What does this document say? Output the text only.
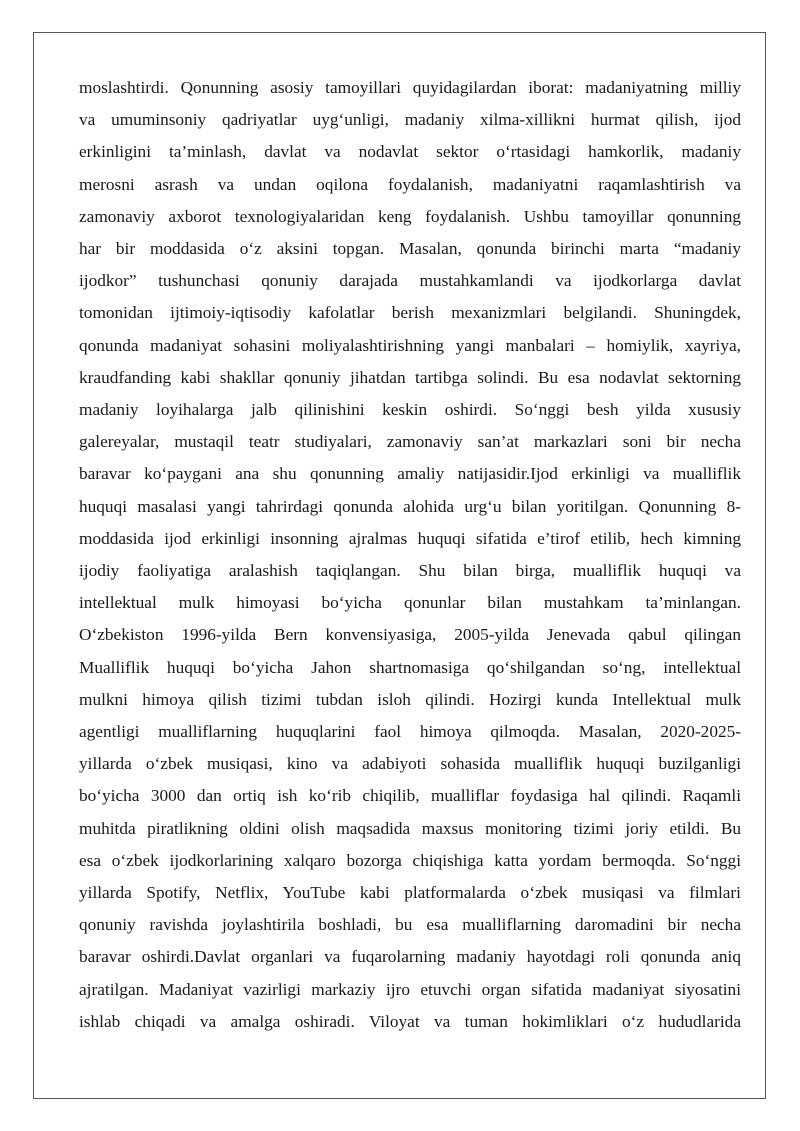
moslashtirdi. Qonunning asosiy tamoyillari quyidagilardan iborat: madaniyatning milliy
va umuminsoniy qadriyatlar uyg‘unligi, madaniy xilma-xillikni hurmat qilish, ijod
erkinligini ta’minlash, davlat va nodavlat sektor o‘rtasidagi hamkorlik, madaniy
merosni asrash va undan oqilona foydalanish, madaniyatni raqamlashtirish va
zamonaviy axborot texnologiyalaridan keng foydalanish. Ushbu tamoyillar qonunning
har bir moddasida o‘z aksini topgan. Masalan, qonunda birinchi marta “madaniy
ijodkor” tushunchasi qonuniy darajada mustahkamlandi va ijodkorlarga davlat
tomonidan ijtimoiy-iqtisodiy kafolatlar berish mexanizmlari belgilandi. Shuningdek,
qonunda madaniyat sohasini moliyalashtirishning yangi manbalari – homiylik, xayriya,
kraudfanding kabi shakllar qonuniy jihatdan tartibga solindi. Bu esa nodavlat sektorning
madaniy loyihalarga jalb qilinishini keskin oshirdi. So‘nggi besh yilda xususiy
galereyalar, mustaqil teatr studiyalari, zamonaviy san’at markazlari soni bir necha
baravar ko‘paygani ana shu qonunning amaliy natijasidir.Ijod erkinligi va mualliflik
huquqi masalasi yangi tahrirdagi qonunda alohida urg‘u bilan yoritilgan. Qonunning 8-
moddasida ijod erkinligi insonning ajralmas huquqi sifatida e’tirof etilib, hech kimning
ijodiy faoliyatiga aralashish taqiqlangan. Shu bilan birga, mualliflik huquqi va
intellektual mulk himoyasi bo‘yicha qonunlar bilan mustahkam ta’minlangan.
O‘zbekiston 1996-yilda Bern konvensiyasiga, 2005-yilda Jenevada qabul qilingan
Mualliflik huquqi bo‘yicha Jahon shartnomasiga qo‘shilgandan so‘ng, intellektual
mulkni himoya qilish tizimi tubdan isloh qilindi. Hozirgi kunda Intellektual mulk
agentligi mualliflarning huquqlarini faol himoya qilmoqda. Masalan, 2020-2025-
yillarda o‘zbek musiqasi, kino va adabiyoti sohasida mualliflik huquqi buzilganligi
bo‘yicha 3000 dan ortiq ish ko‘rib chiqilib, mualliflar foydasiga hal qilindi. Raqamli
muhitda piratlikning oldini olish maqsadida maxsus monitoring tizimi joriy etildi. Bu
esa o‘zbek ijodkorlarining xalqaro bozorga chiqishiga katta yordam bermoqda. So‘nggi
yillarda Spotify, Netflix, YouTube kabi platformalarda o‘zbek musiqasi va filmlari
qonuniy ravishda joylashtirila boshladi, bu esa mualliflarning daromadini bir necha
baravar oshirdi.Davlat organlari va fuqarolarning madaniy hayotdagi roli qonunda aniq
ajratilgan. Madaniyat vazirligi markaziy ijro etuvchi organ sifatida madaniyat siyosatini
ishlab chiqadi va amalga oshiradi. Viloyat va tuman hokimliklari o‘z hududlarida
